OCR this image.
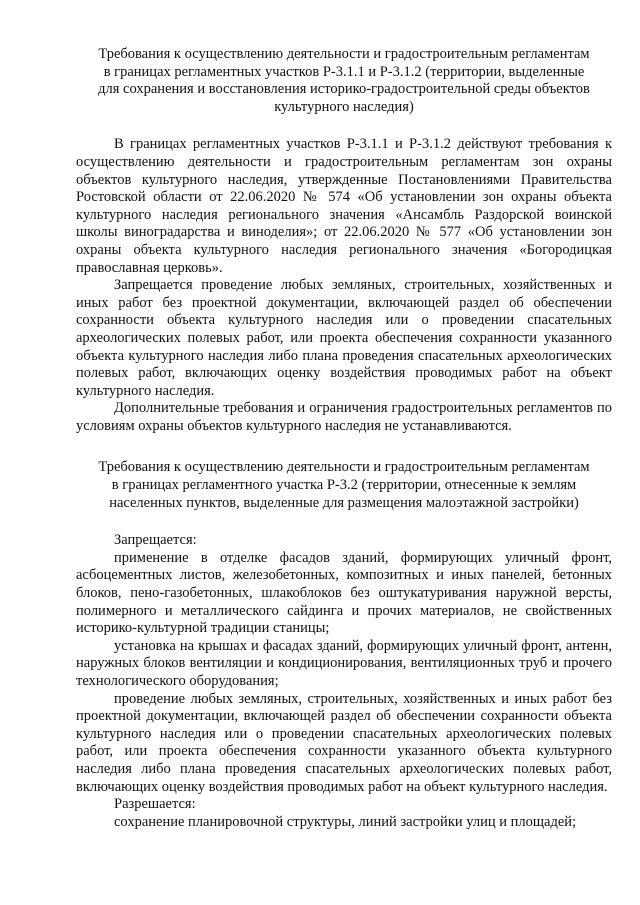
Требования к осуществлению деятельности и градостроительным регламентам
в границах регламентных участков Р-3.1.1 и Р-3.1.2 (территории, выделенные
для сохранения и восстановления историко-градостроительной среды объектов
культурного наследия)

В границах регламентных участков Р-3.1.1 и Р-3.1.2 действуют требования к осуществлению деятельности и градостроительным регламентам зон охраны объектов культурного наследия, утвержденные Постановлениями Правительства Ростовской области от 22.06.2020 № 574 «Об установлении зон охраны объекта культурного наследия регионального значения «Ансамбль Раздорской воинской школы виноградарства и виноделия»; от 22.06.2020 № 577 «Об установлении зон охраны объекта культурного наследия регионального значения «Богородицкая православная церковь».

Запрещается проведение любых земляных, строительных, хозяйственных и иных работ без проектной документации, включающей раздел об обеспечении сохранности объекта культурного наследия или о проведении спасательных археологических полевых работ, или проекта обеспечения сохранности указанного объекта культурного наследия либо плана проведения спасательных археологических полевых работ, включающих оценку воздействия проводимых работ на объект культурного наследия.

Дополнительные требования и ограничения градостроительных регламентов по условиям охраны объектов культурного наследия не устанавливаются.

Требования к осуществлению деятельности и градостроительным регламентам
в границах регламентного участка Р-3.2 (территории, отнесенные к землям
населенных пунктов, выделенные для размещения малоэтажной застройки)

Запрещается:

применение в отделке фасадов зданий, формирующих уличный фронт, асбоцементных листов, железобетонных, композитных и иных панелей, бетонных блоков, пено-газобетонных, шлакоблоков без оштукатуривания наружной версты, полимерного и металлического сайдинга и прочих материалов, не свойственных историко-культурной традиции станицы;

установка на крышах и фасадах зданий, формирующих уличный фронт, антенн, наружных блоков вентиляции и кондиционирования, вентиляционных труб и прочего технологического оборудования;

проведение любых земляных, строительных, хозяйственных и иных работ без проектной документации, включающей раздел об обеспечении сохранности объекта культурного наследия или о проведении спасательных археологических полевых работ, или проекта обеспечения сохранности указанного объекта культурного наследия либо плана проведения спасательных археологических полевых работ, включающих оценку воздействия проводимых работ на объект культурного наследия.

Разрешается:

сохранение планировочной структуры, линий застройки улиц и площадей;
